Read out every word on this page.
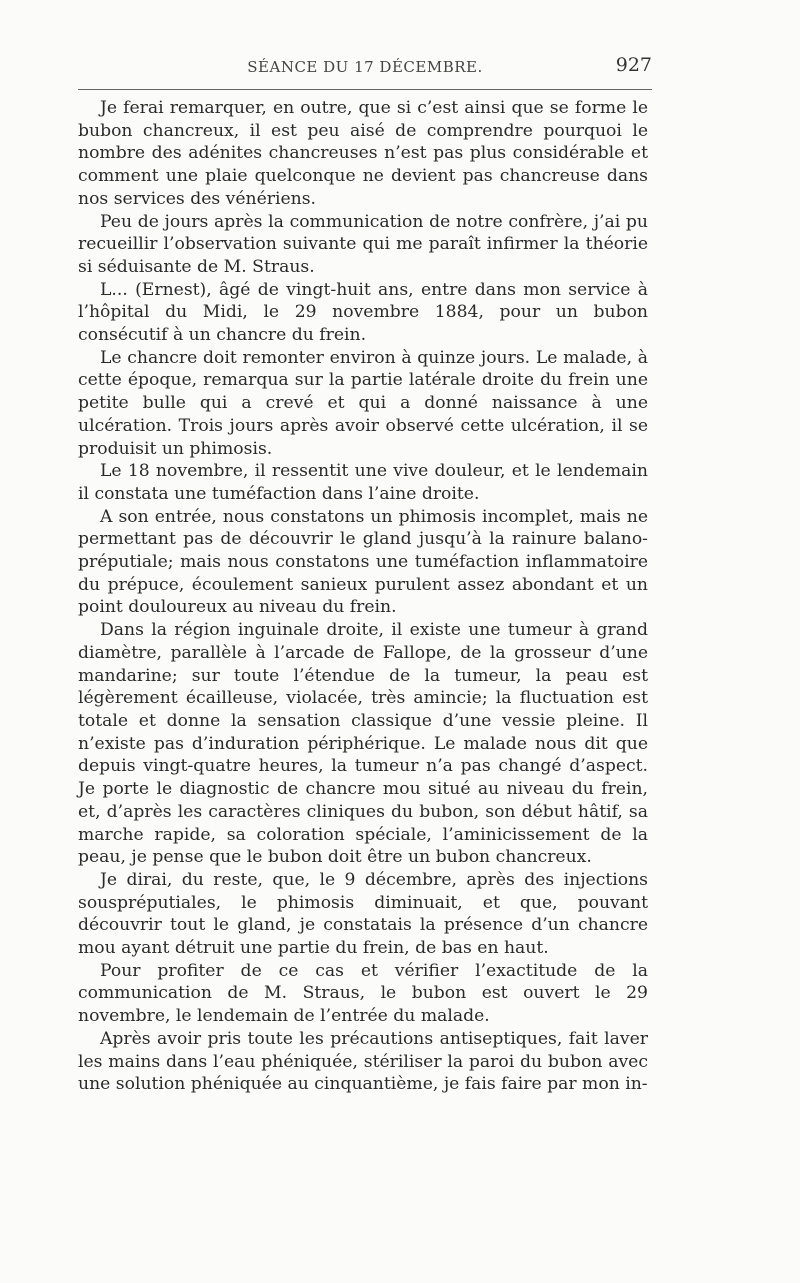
SÉANCE DU 17 DÉCEMBRE.	927

Je ferai remarquer, en outre, que si c’est ainsi que se forme le bubon chancreux, il est peu aisé de comprendre pourquoi le nombre des adénites chancreuses n’est pas plus considérable et comment une plaie quelconque ne devient pas chancreuse dans nos services des vénériens.

Peu de jours après la communication de notre confrère, j’ai pu recueillir l’observation suivante qui me paraît infirmer la théorie si séduisante de M. Straus.

L... (Ernest), âgé de vingt-huit ans, entre dans mon service à l’hôpital du Midi, le 29 novembre 1884, pour un bubon consécutif à un chancre du frein.

Le chancre doit remonter environ à quinze jours. Le malade, à cette époque, remarqua sur la partie latérale droite du frein une petite bulle qui a crevé et qui a donné naissance à une ulcération. Trois jours après avoir observé cette ulcération, il se produisit un phimosis.

Le 18 novembre, il ressentit une vive douleur, et le lendemain il constata une tuméfaction dans l’aine droite.

A son entrée, nous constatons un phimosis incomplet, mais ne permettant pas de découvrir le gland jusqu’à la rainure balano-préputiale; mais nous constatons une tuméfaction inflammatoire du prépuce, écoulement sanieux purulent assez abondant et un point douloureux au niveau du frein.

Dans la région inguinale droite, il existe une tumeur à grand diamètre, parallèle à l’arcade de Fallope, de la grosseur d’une mandarine; sur toute l’étendue de la tumeur, la peau est légèrement écailleuse, violacée, très amincie; la fluctuation est totale et donne la sensation classique d’une vessie pleine. Il n’existe pas d’induration périphérique. Le malade nous dit que depuis vingt-quatre heures, la tumeur n’a pas changé d’aspect. Je porte le diagnostic de chancre mou situé au niveau du frein, et, d’après les caractères cliniques du bubon, son début hâtif, sa marche rapide, sa coloration spéciale, l’aminicissement de la peau, je pense que le bubon doit être un bubon chancreux.

Je dirai, du reste, que, le 9 décembre, après des injections souspréputiales, le phimosis diminuait, et que, pouvant découvrir tout le gland, je constatais la présence d’un chancre mou ayant détruit une partie du frein, de bas en haut.

Pour profiter de ce cas et vérifier l’exactitude de la communication de M. Straus, le bubon est ouvert le 29 novembre, le lendemain de l’entrée du malade.

Après avoir pris toute les précautions antiseptiques, fait laver les mains dans l’eau phéniquée, stériliser la paroi du bubon avec une solution phéniquée au cinquantième, je fais faire par mon in-
